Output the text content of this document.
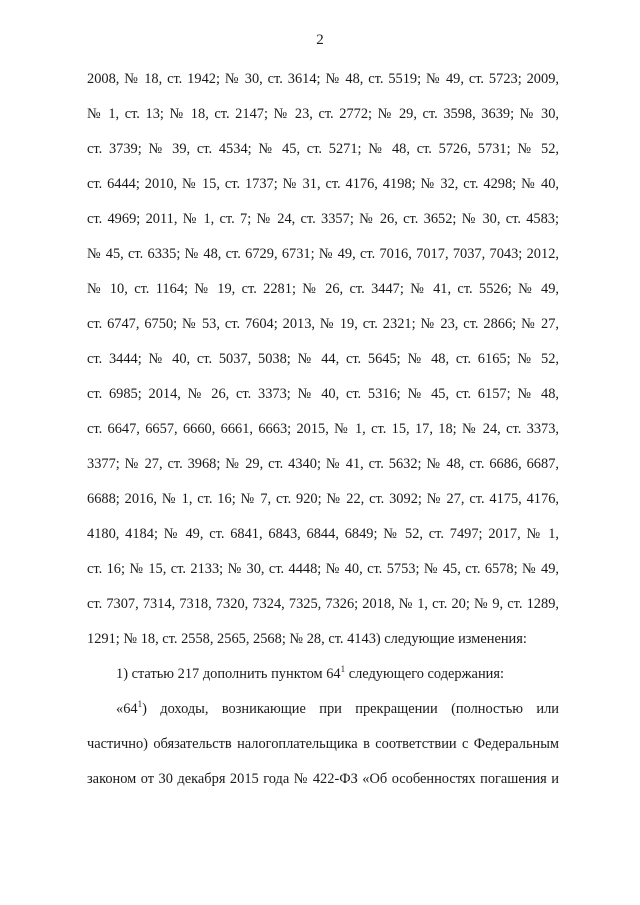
2
2008, № 18, ст. 1942; № 30, ст. 3614; № 48, ст. 5519; № 49, ст. 5723; 2009,
№ 1, ст. 13; № 18, ст. 2147; № 23, ст. 2772; № 29, ст. 3598, 3639; № 30,
ст. 3739; № 39, ст. 4534; № 45, ст. 5271; № 48, ст. 5726, 5731; № 52,
ст. 6444; 2010, № 15, ст. 1737; № 31, ст. 4176, 4198; № 32, ст. 4298; № 40,
ст. 4969; 2011, № 1, ст. 7; № 24, ст. 3357; № 26, ст. 3652; № 30, ст. 4583;
№ 45, ст. 6335; № 48, ст. 6729, 6731; № 49, ст. 7016, 7017, 7037, 7043; 2012,
№ 10, ст. 1164; № 19, ст. 2281; № 26, ст. 3447; № 41, ст. 5526; № 49,
ст. 6747, 6750; № 53, ст. 7604; 2013, № 19, ст. 2321; № 23, ст. 2866; № 27,
ст. 3444; № 40, ст. 5037, 5038; № 44, ст. 5645; № 48, ст. 6165; № 52,
ст. 6985; 2014, № 26, ст. 3373; № 40, ст. 5316; № 45, ст. 6157; № 48,
ст. 6647, 6657, 6660, 6661, 6663; 2015, № 1, ст. 15, 17, 18; № 24, ст. 3373,
3377; № 27, ст. 3968; № 29, ст. 4340; № 41, ст. 5632; № 48, ст. 6686, 6687,
6688; 2016, № 1, ст. 16; № 7, ст. 920; № 22, ст. 3092; № 27, ст. 4175, 4176,
4180, 4184; № 49, ст. 6841, 6843, 6844, 6849; № 52, ст. 7497; 2017, № 1,
ст. 16; № 15, ст. 2133; № 30, ст. 4448; № 40, ст. 5753; № 45, ст. 6578; № 49,
ст. 7307, 7314, 7318, 7320, 7324, 7325, 7326; 2018, № 1, ст. 20; № 9, ст. 1289,
1291; № 18, ст. 2558, 2565, 2568; № 28, ст. 4143) следующие изменения:
1) статью 217 дополнить пунктом $64^1$ следующего содержания:
«$64^1$) доходы, возникающие при прекращении (полностью или
частично) обязательств налогоплательщика в соответствии с Федеральным
законом от 30 декабря 2015 года № 422-ФЗ «Об особенностях погашения и
